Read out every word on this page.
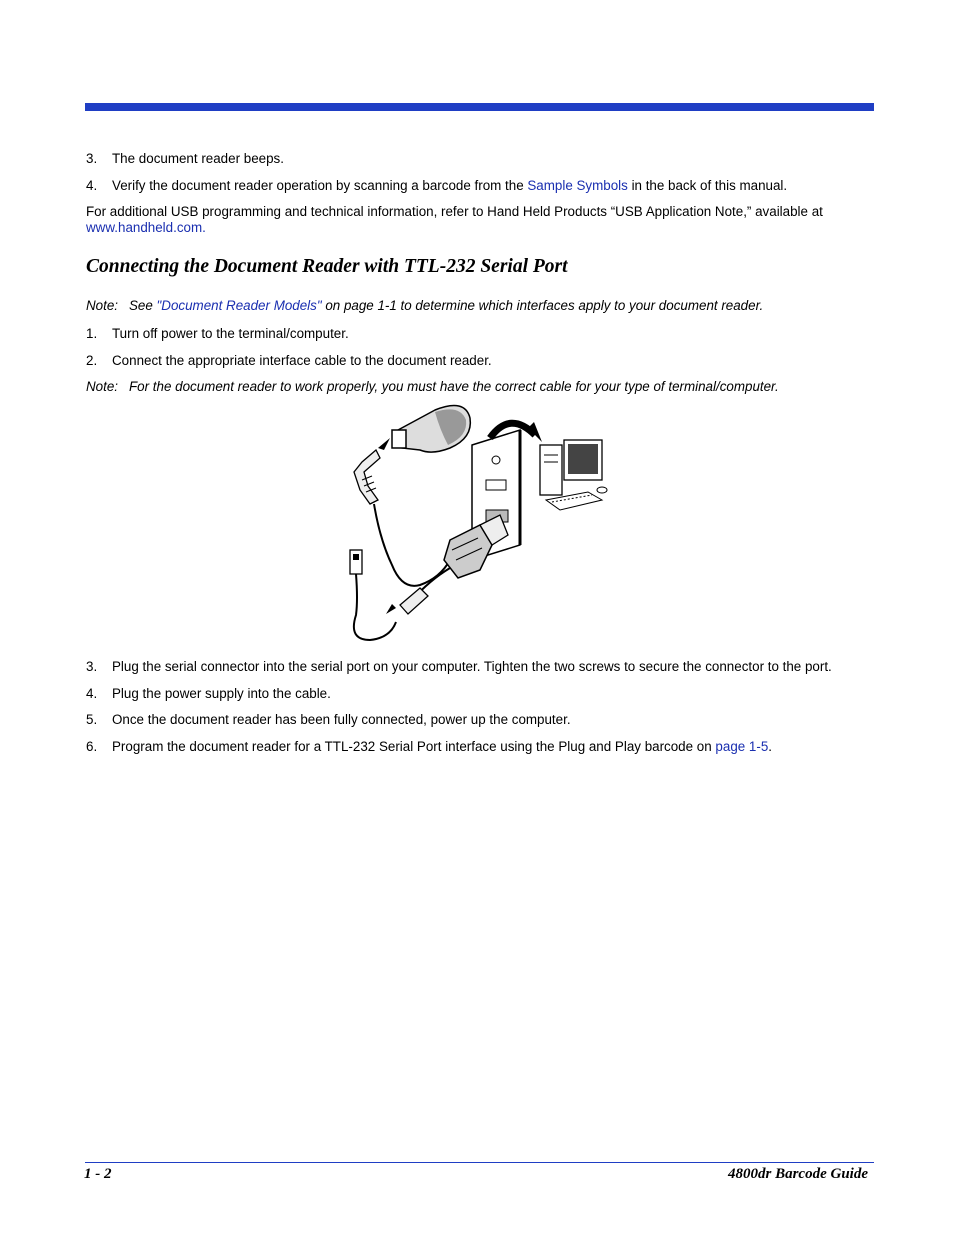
3. The document reader beeps.
4. Verify the document reader operation by scanning a barcode from the Sample Symbols in the back of this manual.
For additional USB programming and technical information, refer to Hand Held Products “USB Application Note,” available at
www.handheld.com.
Connecting the Document Reader with TTL-232 Serial Port
Note: See "Document Reader Models" on page 1-1 to determine which interfaces apply to your document reader.
1. Turn off power to the terminal/computer.
2. Connect the appropriate interface cable to the document reader.
Note: For the document reader to work properly, you must have the correct cable for your type of terminal/computer.
3. Plug the serial connector into the serial port on your computer. Tighten the two screws to secure the connector to the port.
4. Plug the power supply into the cable.
5. Once the document reader has been fully connected, power up the computer.
6. Program the document reader for a TTL-232 Serial Port interface using the Plug and Play barcode on page 1-5.
1 - 2	4800dr Barcode Guide
